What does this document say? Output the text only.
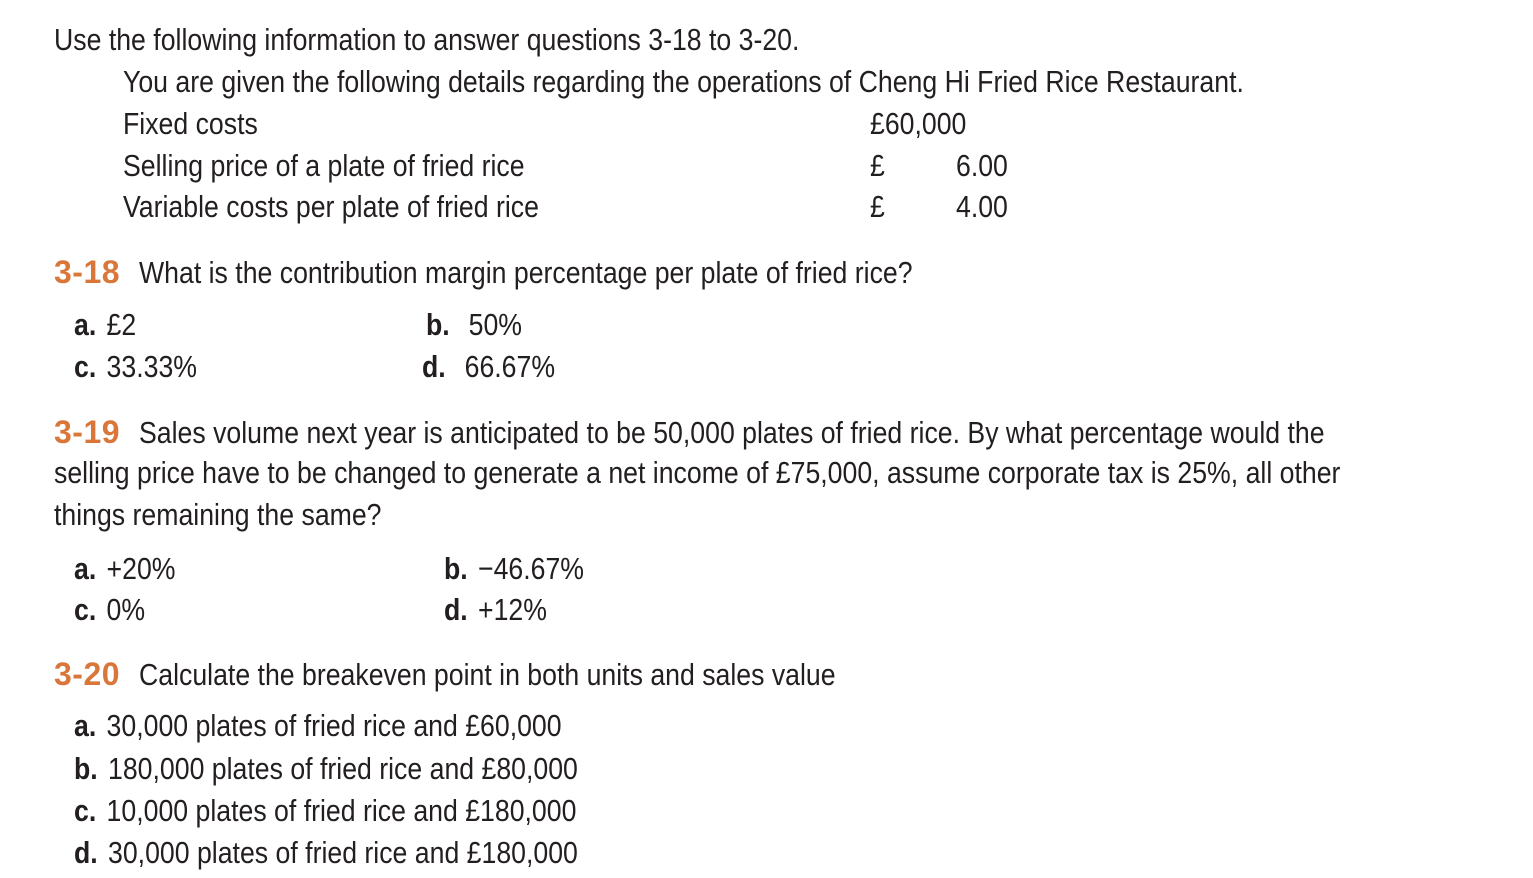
Use the following information to answer questions 3-18 to 3-20.
You are given the following details regarding the operations of Cheng Hi Fried Rice Restaurant.
Fixed costs	£60,000
Selling price of a plate of fried rice	£ 6.00
Variable costs per plate of fried rice	£ 4.00
3-18 What is the contribution margin percentage per plate of fried rice?
a. £2	b. 50%
c. 33.33%	d. 66.67%
3-19 Sales volume next year is anticipated to be 50,000 plates of fried rice. By what percentage would the
selling price have to be changed to generate a net income of £75,000, assume corporate tax is 25%, all other
things remaining the same?
a. +20%	b. −46.67%
c. 0%	d. +12%
3-20 Calculate the breakeven point in both units and sales value
a. 30,000 plates of fried rice and £60,000
b. 180,000 plates of fried rice and £80,000
c. 10,000 plates of fried rice and £180,000
d. 30,000 plates of fried rice and £180,000
